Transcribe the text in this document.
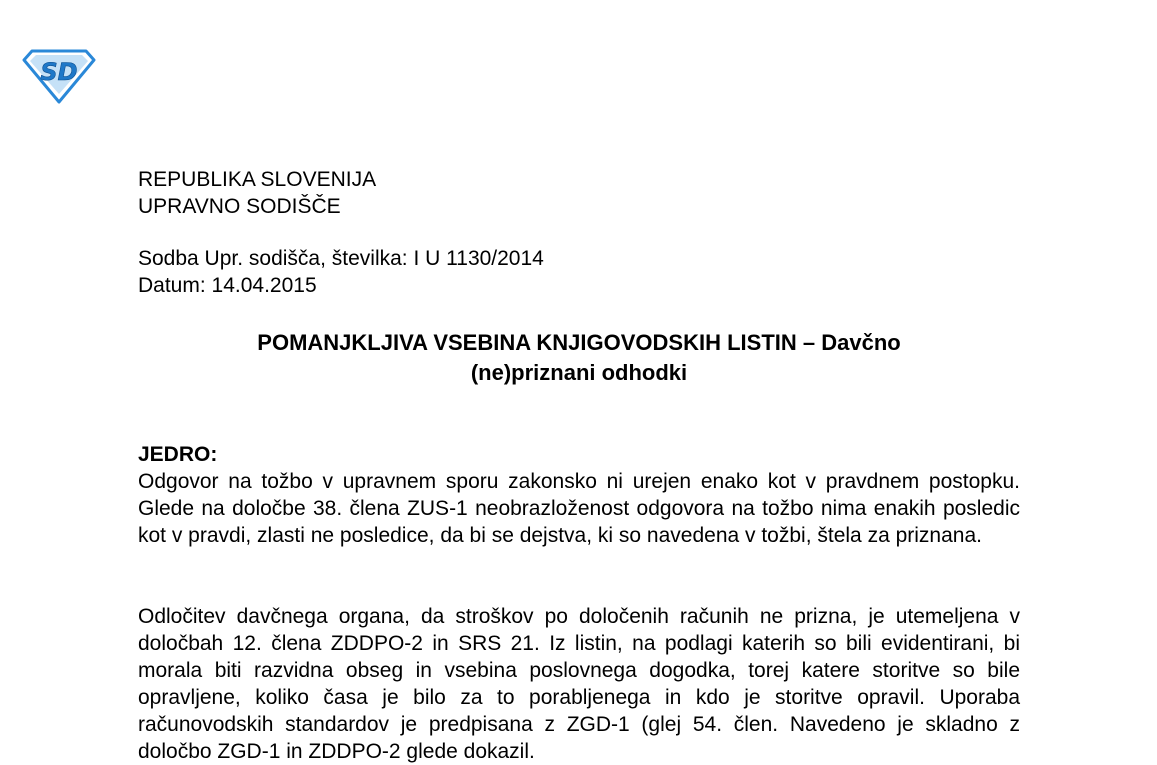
SD
REPUBLIKA SLOVENIJA
UPRAVNO SODIŠČE
Sodba Upr. sodišča, številka: I U 1130/2014
Datum: 14.04.2015
POMANJKLJIVA VSEBINA KNJIGOVODSKIH LISTIN – Davčno
(ne)priznani odhodki
JEDRO:

Odgovor na tožbo v upravnem sporu zakonsko ni urejen enako kot v pravdnem postopku. Glede na določbe 38. člena ZUS-1 neobrazloženost odgovora na tožbo nima enakih posledic kot v pravdi, zlasti ne posledice, da bi se dejstva, ki so navedena v tožbi, štela za priznana.

Odločitev davčnega organa, da stroškov po določenih računih ne prizna, je utemeljena v določbah 12. člena ZDDPO-2 in SRS 21. Iz listin, na podlagi katerih so bili evidentirani, bi morala biti razvidna obseg in vsebina poslovnega dogodka, torej katere storitve so bile opravljene, koliko časa je bilo za to porabljenega in kdo je storitve opravil. Uporaba računovodskih standardov je predpisana z ZGD-1 (glej 54. člen. Navedeno je skladno z določbo ZGD-1 in ZDDPO-2 glede dokazil.
